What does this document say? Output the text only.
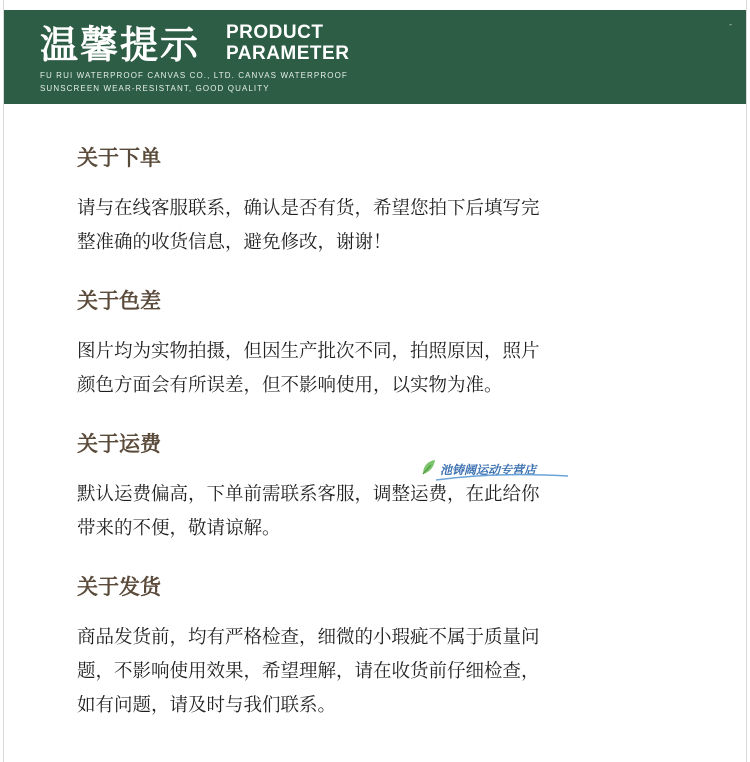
温馨提示 PRODUCT
PARAMETER
FU RUI WATERPROOF CANVAS CO., LTD. CANVAS WATERPROOF
SUNSCREEN WEAR-RESISTANT, GOOD QUALITY
-
关于下单
请与在线客服联系，确认是否有货，希望您拍下后填写完
整准确的收货信息，避免修改，谢谢！
关于色差
图片均为实物拍摄，但因生产批次不同，拍照原因，照片
颜色方面会有所误差，但不影响使用，以实物为准。
关于运费
默认运费偏高，下单前需联系客服，调整运费，在此给你
带来的不便，敬请谅解。
关于发货
商品发货前，均有严格检查，细微的小瑕疵不属于质量问
题，不影响使用效果，希望理解，请在收货前仔细检查，
如有问题，请及时与我们联系。
池铸阔运动专营店
